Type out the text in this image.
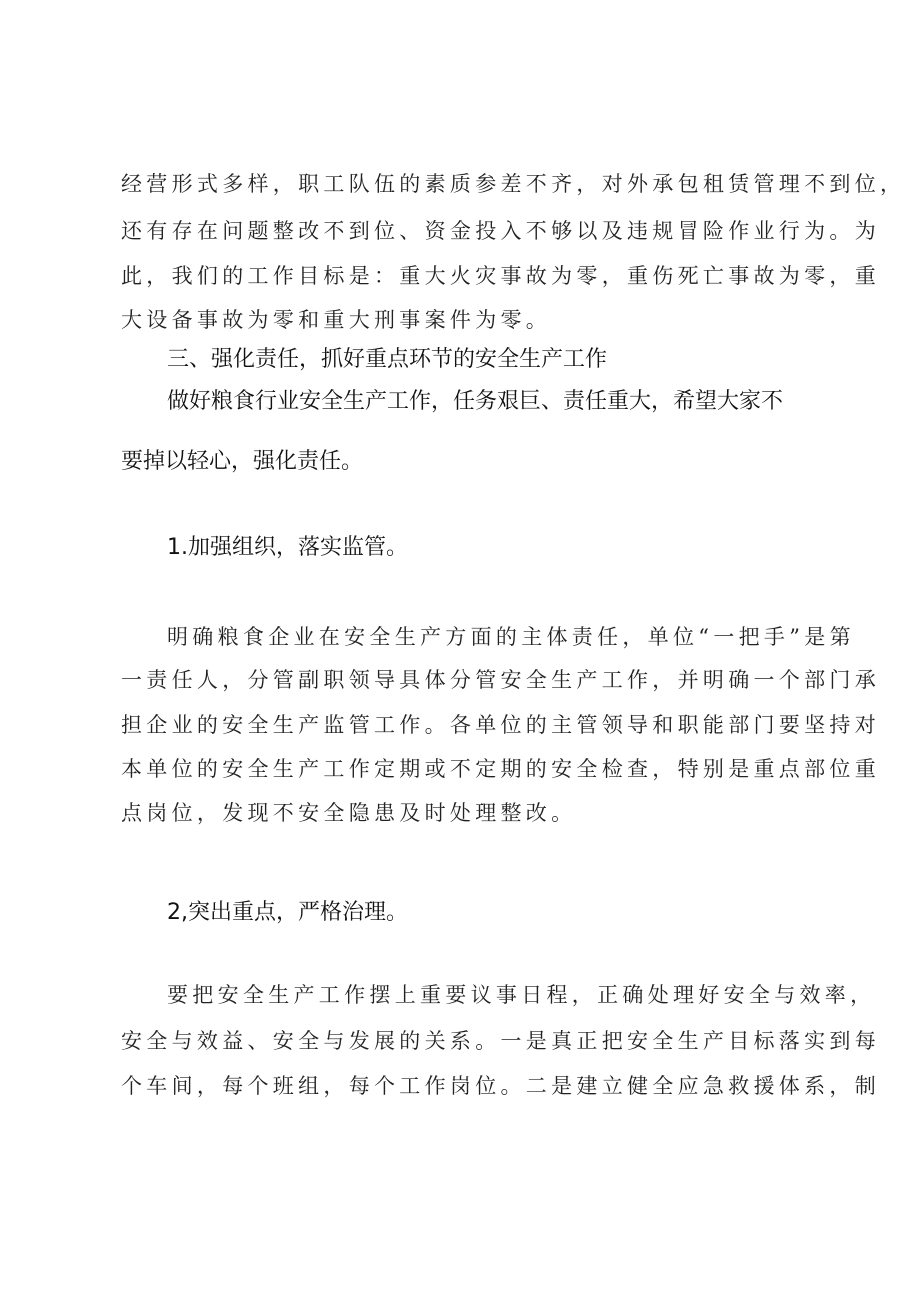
经营形式多样，职工队伍的素质参差不齐，对外承包租赁管理不到位，
还有存在问题整改不到位、资金投入不够以及违规冒险作业行为。为
此，我们的工作目标是：重大火灾事故为零，重伤死亡事故为零，重
大设备事故为零和重大刑事案件为零。
三、强化责任，抓好重点环节的安全生产工作
做好粮食行业安全生产工作，任务艰巨、责任重大，希望大家不
要掉以轻心，强化责任。
1.加强组织，落实监管。
明确粮食企业在安全生产方面的主体责任，单位“一把手”是第
一责任人，分管副职领导具体分管安全生产工作，并明确一个部门承
担企业的安全生产监管工作。各单位的主管领导和职能部门要坚持对
本单位的安全生产工作定期或不定期的安全检查，特别是重点部位重
点岗位，发现不安全隐患及时处理整改。
2,突出重点，严格治理。
要把安全生产工作摆上重要议事日程，正确处理好安全与效率，
安全与效益、安全与发展的关系。一是真正把安全生产目标落实到每
个车间，每个班组，每个工作岗位。二是建立健全应急救援体系，制
